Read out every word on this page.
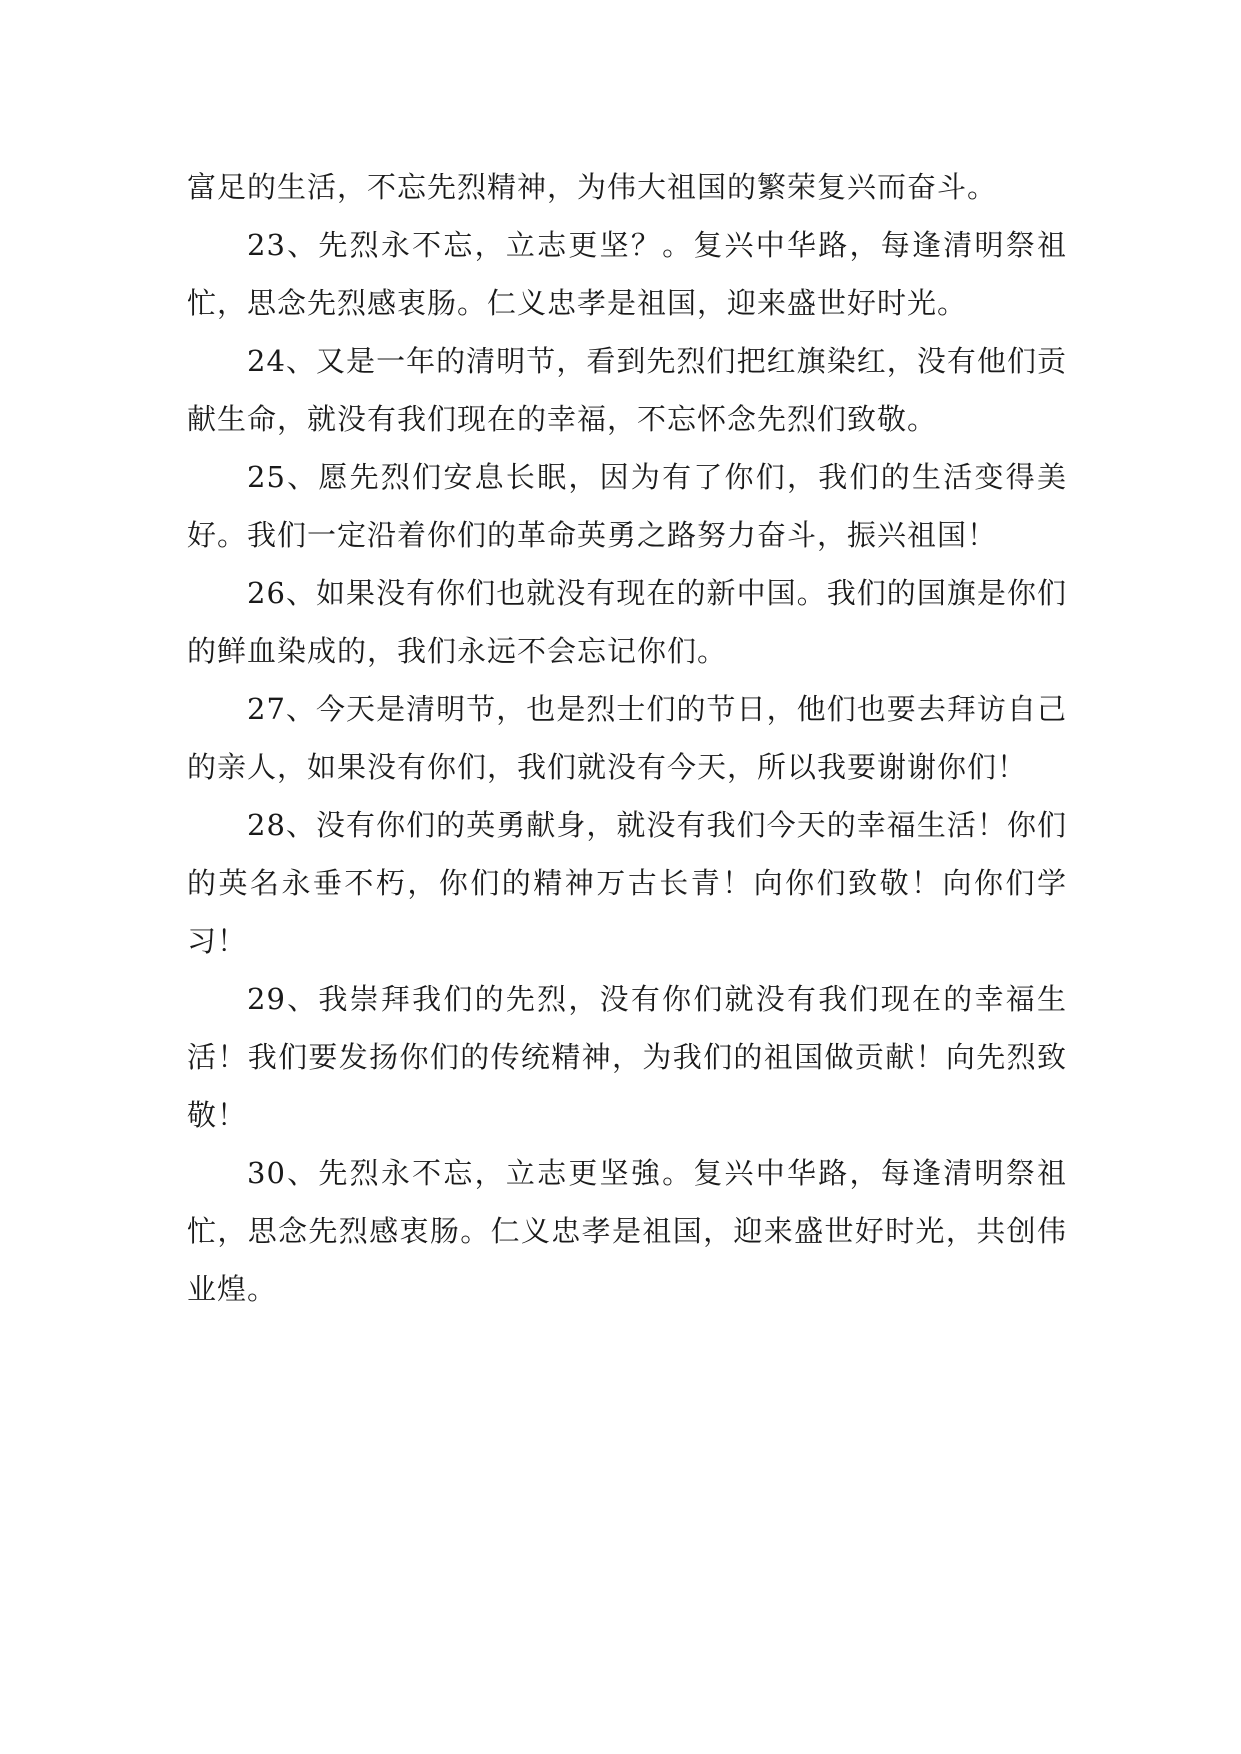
富足的生活，不忘先烈精神，为伟大祖国的繁荣复兴而奋斗。

23、先烈永不忘，立志更坚？。复兴中华路，每逢清明祭祖忙，思念先烈感衷肠。仁义忠孝是祖国，迎来盛世好时光。

24、又是一年的清明节，看到先烈们把红旗染红，没有他们贡献生命，就没有我们现在的幸福，不忘怀念先烈们致敬。

25、愿先烈们安息长眠，因为有了你们，我们的生活变得美好。我们一定沿着你们的革命英勇之路努力奋斗，振兴祖国！

26、如果没有你们也就没有现在的新中国。我们的国旗是你们的鲜血染成的，我们永远不会忘记你们。

27、今天是清明节，也是烈士们的节日，他们也要去拜访自己的亲人，如果没有你们，我们就没有今天，所以我要谢谢你们！

28、没有你们的英勇献身，就没有我们今天的幸福生活！你们的英名永垂不朽，你们的精神万古长青！向你们致敬！向你们学习！

29、我崇拜我们的先烈，没有你们就没有我们现在的幸福生活！我们要发扬你们的传统精神，为我们的祖国做贡献！向先烈致敬！

30、先烈永不忘，立志更坚強。复兴中华路，每逢清明祭祖忙，思念先烈感衷肠。仁义忠孝是祖国，迎来盛世好时光，共创伟业煌。
